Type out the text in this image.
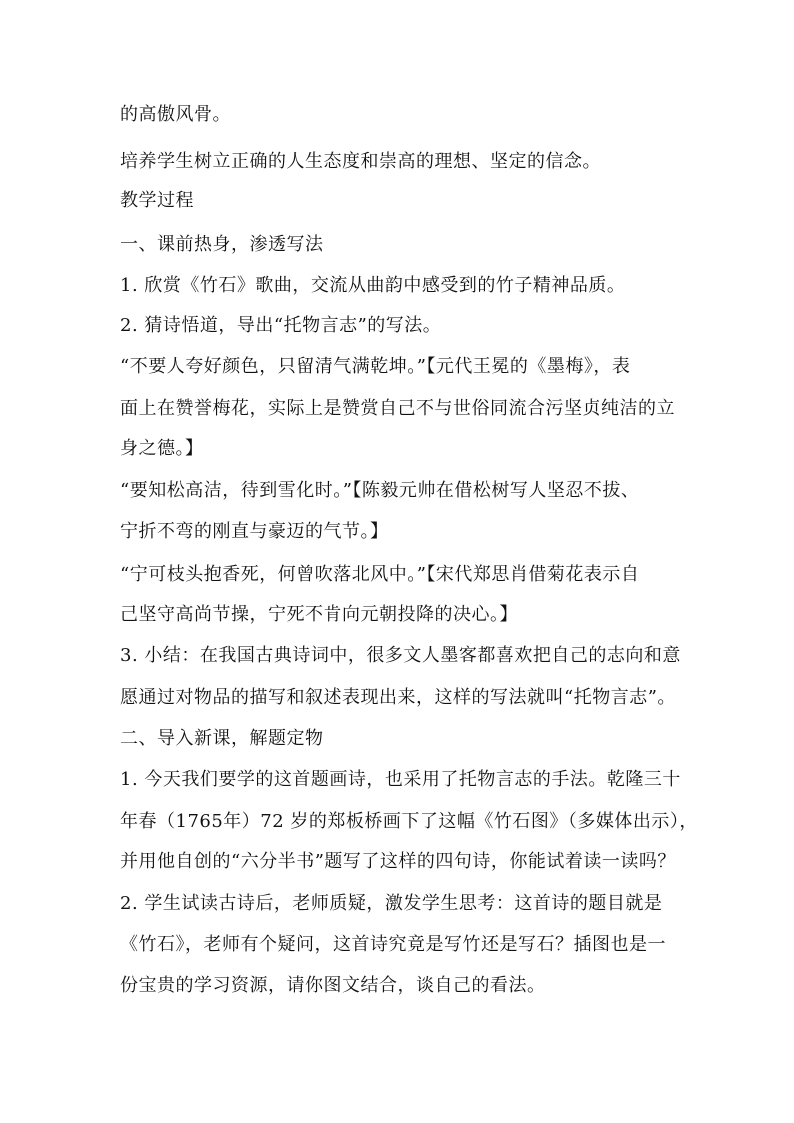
的高傲风骨。
培养学生树立正确的人生态度和崇高的理想、坚定的信念。
教学过程
一、课前热身，渗透写法
1. 欣赏《竹石》歌曲，交流从曲韵中感受到的竹子精神品质。
2. 猜诗悟道，导出“托物言志”的写法。
“不要人夸好颜色，只留清气满乾坤。”【元代王冕的《墨梅》，表
面上在赞誉梅花，实际上是赞赏自己不与世俗同流合污坚贞纯洁的立
身之德。】
“要知松高洁，待到雪化时。”【陈毅元帅在借松树写人坚忍不拔、
宁折不弯的刚直与豪迈的气节。】
“宁可枝头抱香死，何曾吹落北风中。”【宋代郑思肖借菊花表示自
己坚守高尚节操，宁死不肯向元朝投降的决心。】
3. 小结：在我国古典诗词中，很多文人墨客都喜欢把自己的志向和意
愿通过对物品的描写和叙述表现出来，这样的写法就叫“托物言志”。
二、导入新课，解题定物
1. 今天我们要学的这首题画诗，也采用了托物言志的手法。乾隆三十
年春（1765年）72 岁的郑板桥画下了这幅《竹石图》（多媒体出示），
并用他自创的“六分半书”题写了这样的四句诗，你能试着读一读吗？
2. 学生试读古诗后，老师质疑，激发学生思考：这首诗的题目就是
《竹石》，老师有个疑问，这首诗究竟是写竹还是写石？插图也是一
份宝贵的学习资源，请你图文结合，谈自己的看法。
